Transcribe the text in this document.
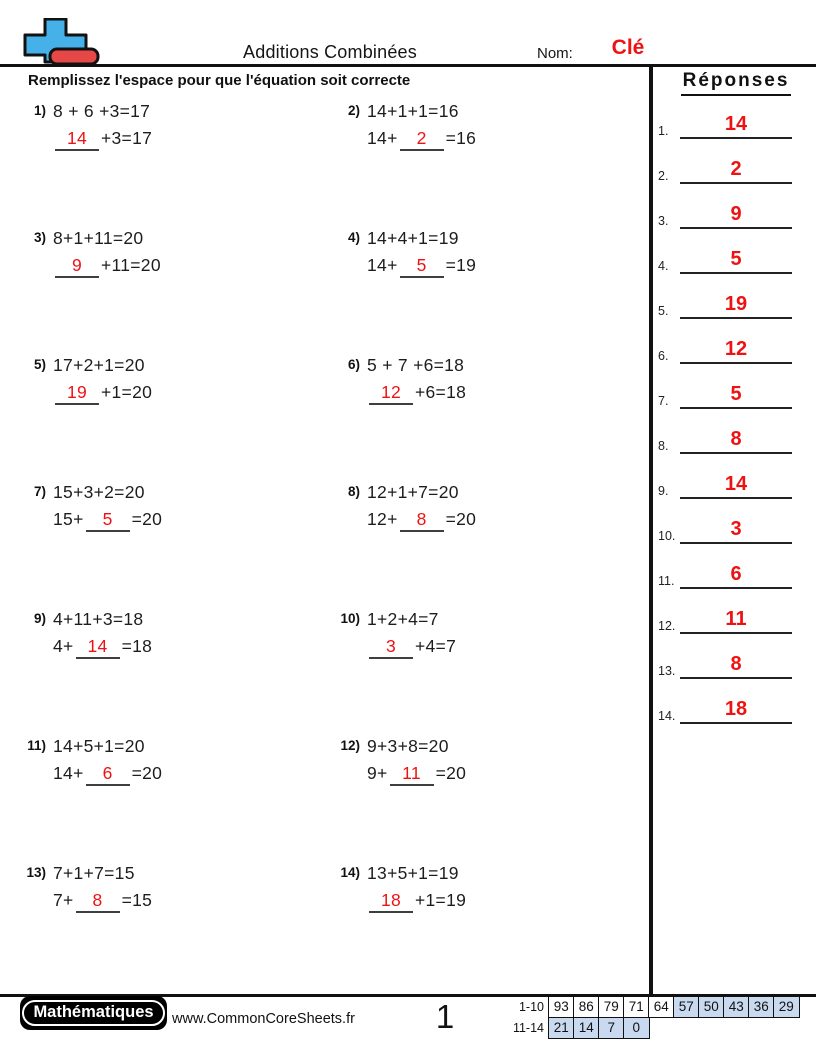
Additions Combinées	Nom:	Clé
Remplissez l'espace pour que l'équation soit correcte
1) 8 + 6 +3=17
14 +3=17
2) 14+1+1=16
14+ 2 =16
3) 8+1+11=20
9 +11=20
4) 14+4+1=19
14+ 5 =19
5) 17+2+1=20
19 +1=20
6) 5 + 7 +6=18
12 +6=18
7) 15+3+2=20
15+ 5 =20
8) 12+1+7=20
12+ 8 =20
9) 4+11+3=18
4+ 14 =18
10) 1+2+4=7
3 +4=7
11) 14+5+1=20
14+ 6 =20
12) 9+3+8=20
9+ 11 =20
13) 7+1+7=15
7+ 8 =15
14) 13+5+1=19
18 +1=19
Réponses
1.	14
2.	2
3.	9
4.	5
5.	19
6.	12
7.	5
8.	8
9.	14
10.	3
11.	6
12.	11
13.	8
14.	18
Mathématiques	www.CommonCoreSheets.fr 1	1-10 93 86 79 71 64 57 50 43 36 29
11-14 21 14	7	0
